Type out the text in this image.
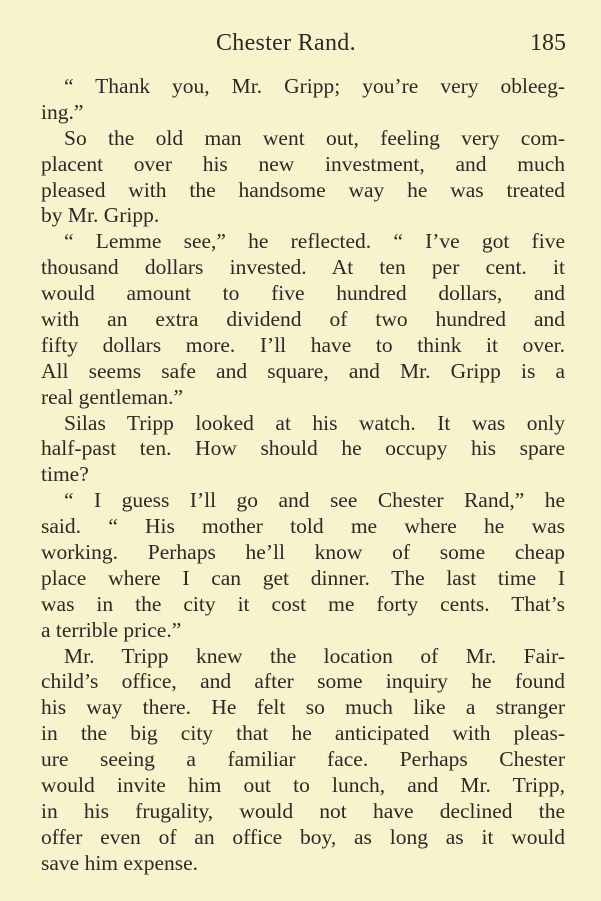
Chester Rand.	185
“ Thank you, Mr. Gripp; you’re very obleeg-
ing.”
So the old man went out, feeling very com-
placent over his new investment, and much
pleased with the handsome way he was treated
by Mr. Gripp.
“ Lemme see,” he reflected. “ I’ve got five
thousand dollars invested. At ten per cent. it
would amount to five hundred dollars, and
with an extra dividend of two hundred and
fifty dollars more. I’ll have to think it over.
All seems safe and square, and Mr. Gripp is a
real gentleman.”
Silas Tripp looked at his watch. It was only
half-past ten. How should he occupy his spare
time?
“ I guess I’ll go and see Chester Rand,” he
said. “ His mother told me where he was
working. Perhaps he’ll know of some cheap
place where I can get dinner. The last time I
was in the city it cost me forty cents. That’s
a terrible price.”
Mr. Tripp knew the location of Mr. Fair-
child’s office, and after some inquiry he found
his way there. He felt so much like a stranger
in the big city that he anticipated with pleas-
ure seeing a familiar face. Perhaps Chester
would invite him out to lunch, and Mr. Tripp,
in his frugality, would not have declined the
offer even of an office boy, as long as it would
save him expense.
